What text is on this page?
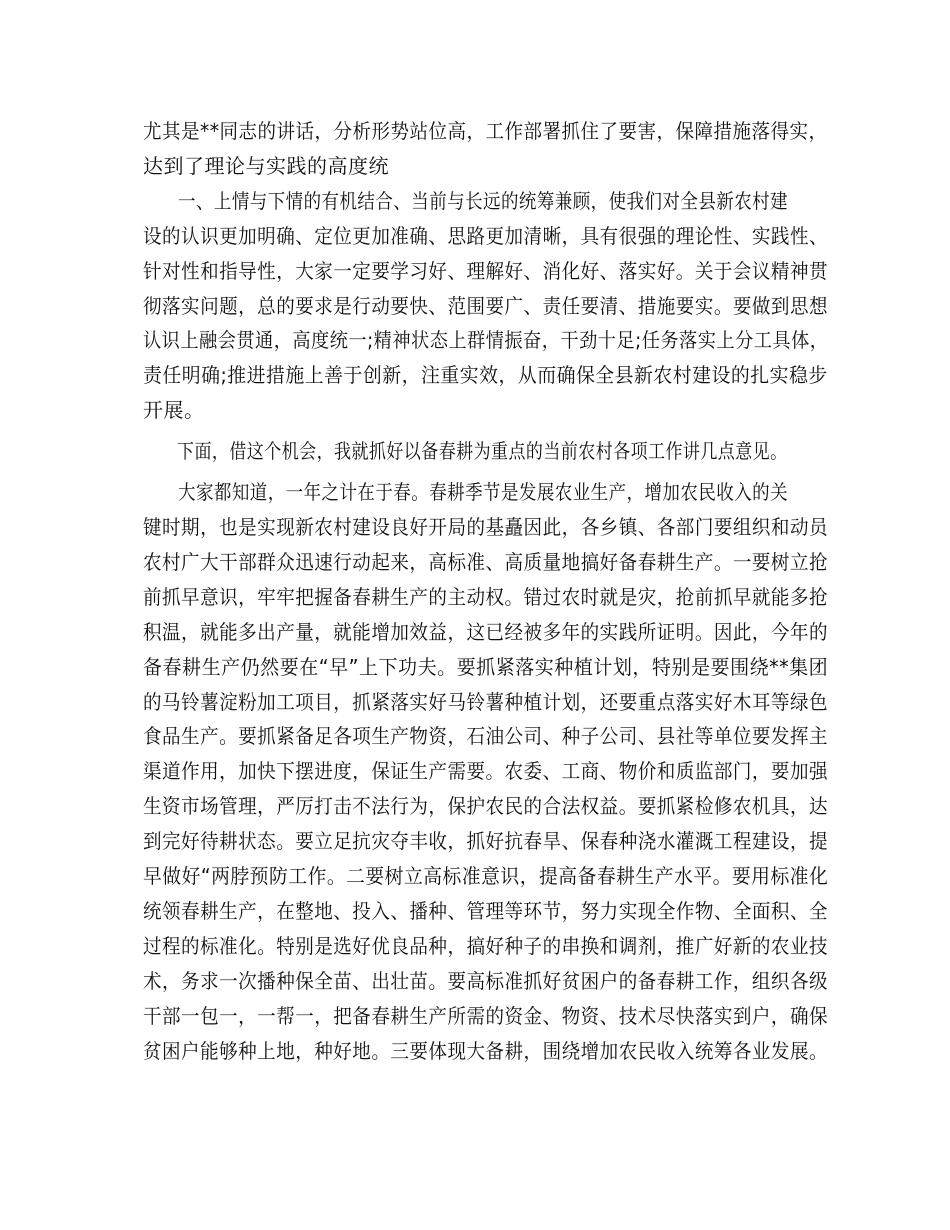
尤其是**同志的讲话，分析形势站位高，工作部署抓住了要害，保障措施落得实，
达到了理论与实践的高度统

一、上情与下情的有机结合、当前与长远的统筹兼顾，使我们对全县新农村建
设的认识更加明确、定位更加准确、思路更加清晰，具有很强的理论性、实践性、
针对性和指导性，大家一定要学习好、理解好、消化好、落实好。关于会议精神贯
彻落实问题，总的要求是行动要快、范围要广、责任要清、措施要实。要做到思想
认识上融会贯通，高度统一;精神状态上群情振奋，干劲十足;任务落实上分工具体，
责任明确;推进措施上善于创新，注重实效，从而确保全县新农村建设的扎实稳步
开展。

下面，借这个机会，我就抓好以备春耕为重点的当前农村各项工作讲几点意见。

大家都知道，一年之计在于春。春耕季节是发展农业生产，增加农民收入的关
键时期，也是实现新农村建设良好开局的基矗因此，各乡镇、各部门要组织和动员
农村广大干部群众迅速行动起来，高标准、高质量地搞好备春耕生产。一要树立抢
前抓早意识，牢牢把握备春耕生产的主动权。错过农时就是灾，抢前抓早就能多抢
积温，就能多出产量，就能增加效益，这已经被多年的实践所证明。因此，今年的
备春耕生产仍然要在“早”上下功夫。要抓紧落实种植计划，特别是要围绕**集团
的马铃薯淀粉加工项目，抓紧落实好马铃薯种植计划，还要重点落实好木耳等绿色
食品生产。要抓紧备足各项生产物资，石油公司、种子公司、县社等单位要发挥主
渠道作用，加快下摆进度，保证生产需要。农委、工商、物价和质监部门，要加强
生资市场管理，严厉打击不法行为，保护农民的合法权益。要抓紧检修农机具，达
到完好待耕状态。要立足抗灾夺丰收，抓好抗春旱、保春种浇水灌溉工程建设，提
早做好“两脖预防工作。二要树立高标准意识，提高备春耕生产水平。要用标准化
统领春耕生产，在整地、投入、播种、管理等环节，努力实现全作物、全面积、全
过程的标准化。特别是选好优良品种，搞好种子的串换和调剂，推广好新的农业技
术，务求一次播种保全苗、出壮苗。要高标准抓好贫困户的备春耕工作，组织各级
干部一包一，一帮一，把备春耕生产所需的资金、物资、技术尽快落实到户，确保
贫困户能够种上地，种好地。三要体现大备耕，围绕增加农民收入统筹各业发展。
